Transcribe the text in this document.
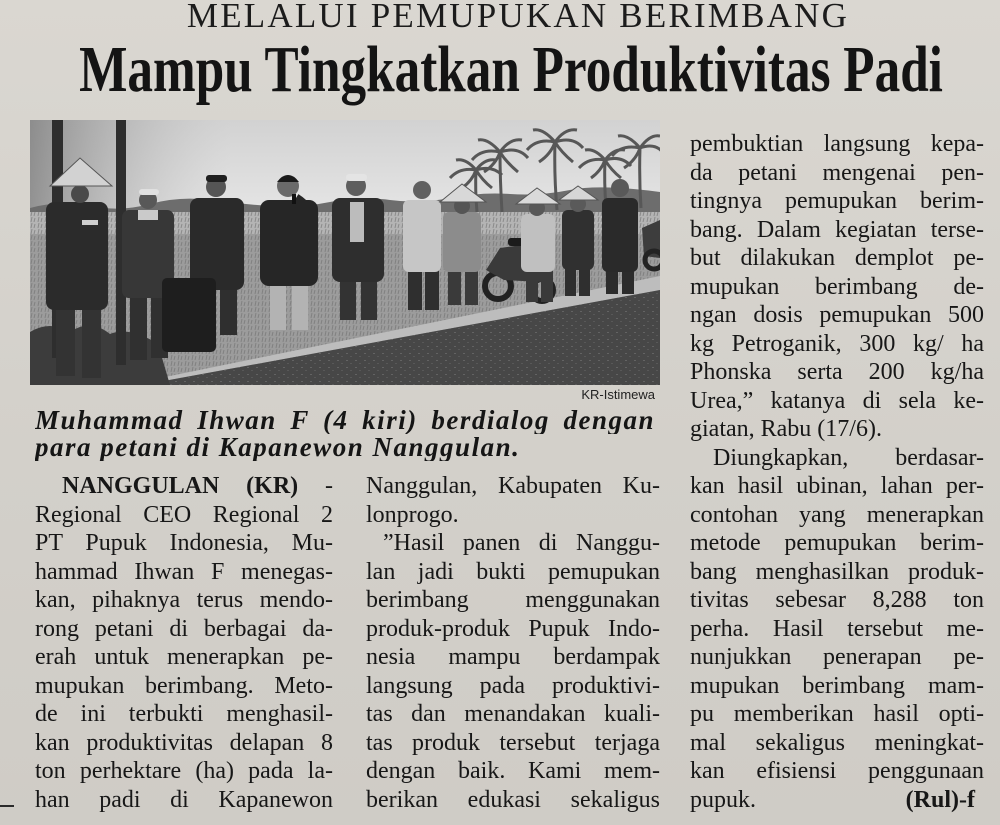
MELALUI PEMUPUKAN BERIMBANG
Mampu Tingkatkan Produktivitas Padi
KR-Istimewa
Muhammad Ihwan F (4 kiri) berdialog dengan
para petani di Kapanewon Nanggulan.
NANGGULAN (KR) -
Regional CEO Regional 2
PT Pupuk Indonesia, Mu-
hammad Ihwan F menegas-
kan, pihaknya terus mendo-
rong petani di berbagai da-
erah untuk menerapkan pe-
mupukan berimbang. Meto-
de ini terbukti menghasil-
kan produktivitas delapan 8
ton perhektare (ha) pada la-
han padi di Kapanewon
Nanggulan, Kabupaten Ku-
lonprogo.
”Hasil panen di Nanggu-
lan jadi bukti pemupukan
berimbang menggunakan
produk-produk Pupuk Indo-
nesia mampu berdampak
langsung pada produktivi-
tas dan menandakan kuali-
tas produk tersebut terjaga
dengan baik. Kami mem-
berikan edukasi sekaligus
pembuktian langsung kepa-
da petani mengenai pen-
tingnya pemupukan berim-
bang. Dalam kegiatan terse-
but dilakukan demplot pe-
mupukan berimbang de-
ngan dosis pemupukan 500
kg Petroganik, 300 kg/ ha
Phonska serta 200 kg/ha
Urea,” katanya di sela ke-
giatan, Rabu (17/6).
Diungkapkan, berdasar-
kan hasil ubinan, lahan per-
contohan yang menerapkan
metode pemupukan berim-
bang menghasilkan produk-
tivitas sebesar 8,288 ton
perha. Hasil tersebut me-
nunjukkan penerapan pe-
mupukan berimbang mam-
pu memberikan hasil opti-
mal sekaligus meningkat-
kan efisiensi penggunaan
pupuk.	(Rul)-f
